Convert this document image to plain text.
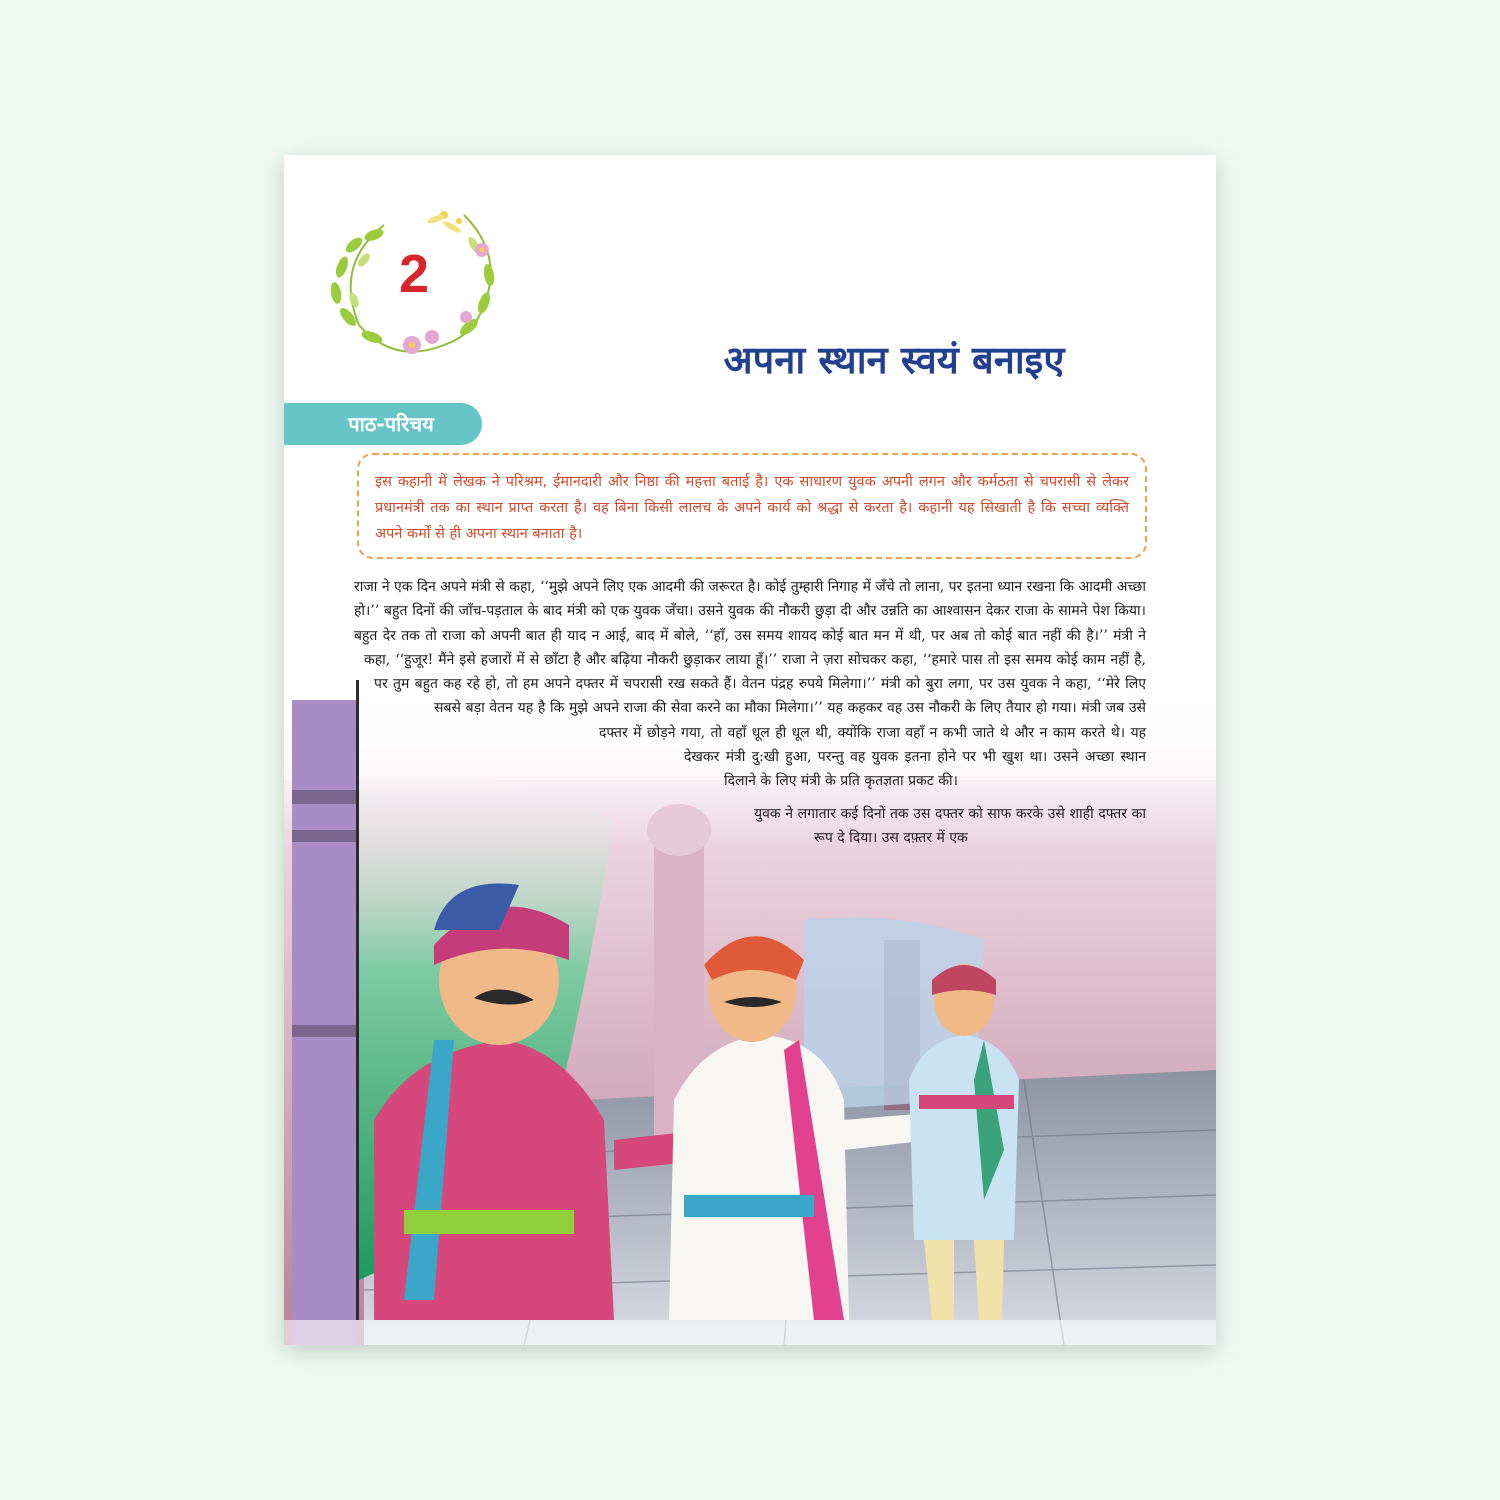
2
अपना स्थान स्वयं बनाइए
पाठ-परिचय
इस कहानी में लेखक ने परिश्रम, ईमानदारी और निष्ठा की महत्ता बताई है। एक साधारण युवक अपनी लगन और कर्मठता से चपरासी से लेकर प्रधानमंत्री तक का स्थान प्राप्त करता है। वह बिना किसी लालच के अपने कार्य को श्रद्धा से करता है। कहानी यह सिखाती है कि सच्चा व्यक्ति अपने कर्मों से ही अपना स्थान बनाता है।

राजा ने एक दिन अपने मंत्री से कहा, ‘‘मुझे अपने लिए एक आदमी की जरूरत है। कोई तुम्हारी निगाह में जँचे तो लाना, पर इतना ध्यान रखना कि आदमी अच्छा हो।’’ बहुत दिनों की जाँच-पड़ताल के बाद मंत्री को एक युवक जँचा। उसने युवक की नौकरी छुड़ा दी और उन्नति का आश्वासन देकर राजा के सामने पेश किया। बहुत देर तक तो राजा को अपनी बात ही याद न आई, बाद में बोले, ‘‘हाँ, उस समय शायद कोई बात मन में थी, पर अब तो कोई बात नहीं की है।’’ मंत्री ने कहा, ‘‘हुजूर! मैंने इसे हजारों में से छाँटा है और बढ़िया नौकरी छुड़ाकर लाया हूँ।’’ राजा ने ज़रा सोचकर कहा, ‘‘हमारे पास तो इस समय कोई काम नहीं है, पर तुम बहुत कह रहे हो, तो हम अपने दफ्तर में चपरासी रख सकते हैं। वेतन पंद्रह रुपये मिलेगा।’’ मंत्री को बुरा लगा, पर उस युवक ने कहा, ‘‘मेरे लिए सबसे बड़ा वेतन यह है कि मुझे अपने राजा की सेवा करने का मौका मिलेगा।’’ यह कहकर वह उस नौकरी के लिए तैयार हो गया। मंत्री जब उसे दफ्तर में छोड़ने गया, तो वहाँ धूल ही धूल थी, क्योंकि राजा वहाँ न कभी जाते थे और न काम करते थे। यह देखकर मंत्री दु:खी हुआ, परन्तु वह युवक इतना होने पर भी खुश था। उसने अच्छा स्थान दिलाने के लिए मंत्री के प्रति कृतज्ञता प्रकट की।

युवक ने लगातार कई दिनों तक उस दफ्तर को साफ करके उसे शाही दफ्तर का रूप दे दिया। उस दफ़्तर में एक
